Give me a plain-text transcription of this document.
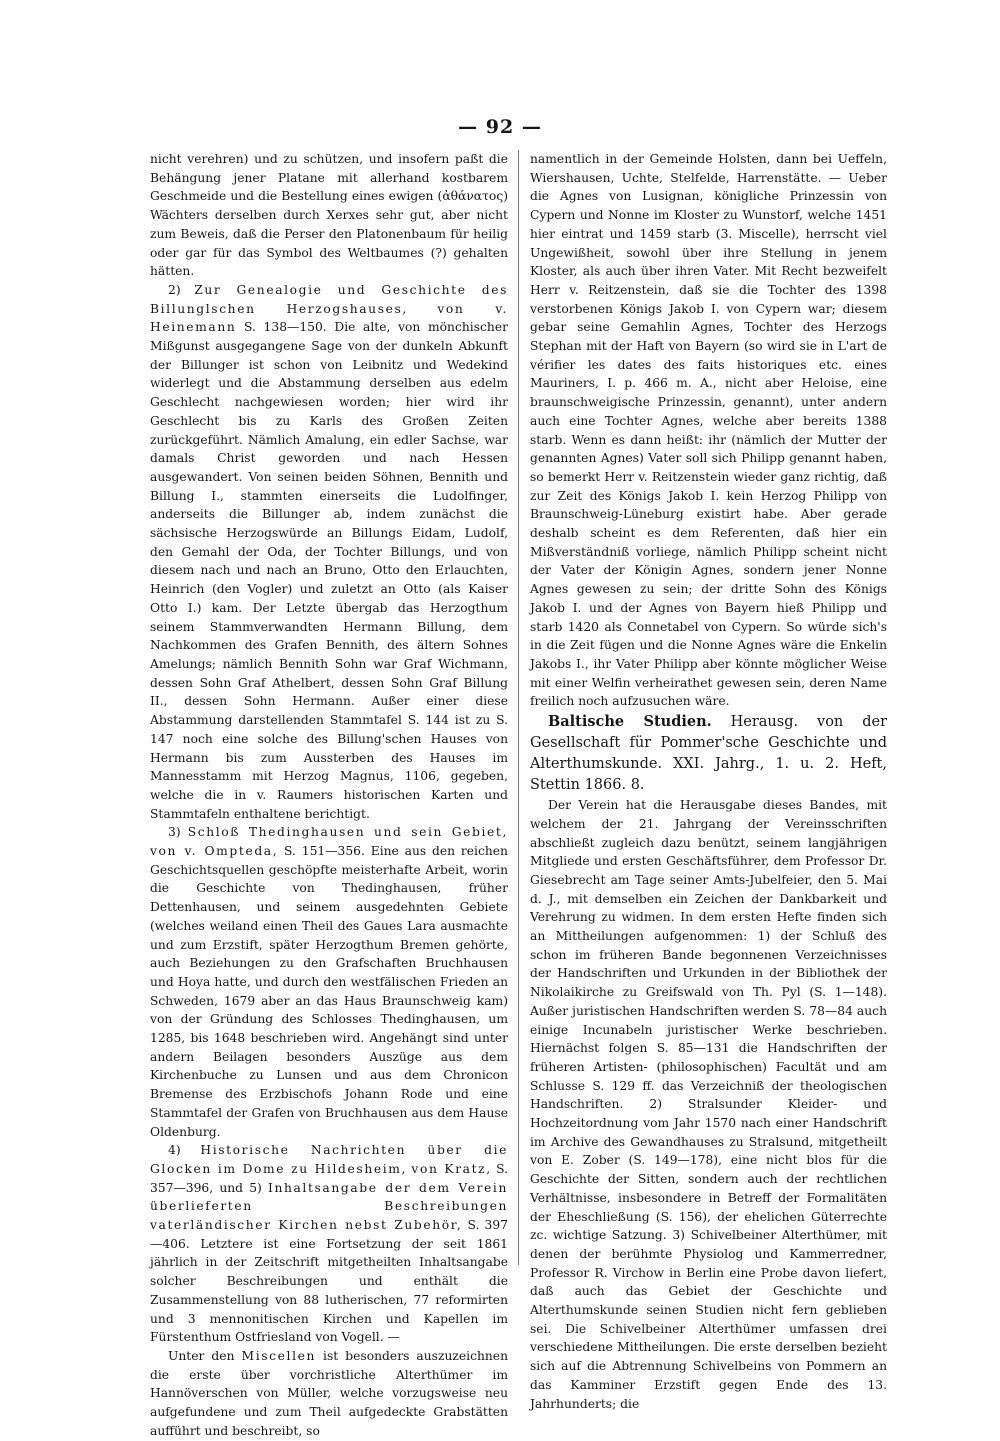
— 92 —

nicht verehren) und zu schützen, und insofern paßt die Behängung jener Platane mit allerhand kostbarem Geschmeide und die Bestellung eines ewigen (ἀθάνατος) Wächters derselben durch Xerxes sehr gut, aber nicht zum Beweis, daß die Perser den Platonenbaum für heilig oder gar für das Symbol des Weltbaumes (?) gehalten hätten.

2) Zur Genealogie und Geschichte des Billunglschen Herzogshauses, von v. Heinemann S. 138—150. Die alte, von mönchischer Mißgunst ausgegangene Sage von der dunkeln Abkunft der Billunger ist schon von Leibnitz und Wedekind widerlegt und die Abstammung derselben aus edelm Geschlecht nachgewiesen worden; hier wird ihr Geschlecht bis zu Karls des Großen Zeiten zurückgeführt. Nämlich Amalung, ein edler Sachse, war damals Christ geworden und nach Hessen ausgewandert. Von seinen beiden Söhnen, Bennith und Billung I., stammten einerseits die Ludolfinger, anderseits die Billunger ab, indem zunächst die sächsische Herzogswürde an Billungs Eidam, Ludolf, den Gemahl der Oda, der Tochter Billungs, und von diesem nach und nach an Bruno, Otto den Erlauchten, Heinrich (den Vogler) und zuletzt an Otto (als Kaiser Otto I.) kam. Der Letzte übergab das Herzogthum seinem Stammverwandten Hermann Billung, dem Nachkommen des Grafen Bennith, des ältern Sohnes Amelungs; nämlich Bennith Sohn war Graf Wichmann, dessen Sohn Graf Athelbert, dessen Sohn Graf Billung II., dessen Sohn Hermann. Außer einer diese Abstammung darstellenden Stammtafel S. 144 ist zu S. 147 noch eine solche des Billung'schen Hauses von Hermann bis zum Aussterben des Hauses im Mannesstamm mit Herzog Magnus, 1106, gegeben, welche die in v. Raumers historischen Karten und Stammtafeln enthaltene berichtigt.

3) Schloß Thedinghausen und sein Gebiet, von v. Ompteda, S. 151—356. Eine aus den reichen Geschichtsquellen geschöpfte meisterhafte Arbeit, worin die Geschichte von Thedinghausen, früher Dettenhausen, und seinem ausgedehnten Gebiete (welches weiland einen Theil des Gaues Lara ausmachte und zum Erzstift, später Herzogthum Bremen gehörte, auch Beziehungen zu den Grafschaften Bruchhausen und Hoya hatte, und durch den westfälischen Frieden an Schweden, 1679 aber an das Haus Braunschweig kam) von der Gründung des Schlosses Thedinghausen, um 1285, bis 1648 beschrieben wird. Angehängt sind unter andern Beilagen besonders Auszüge aus dem Kirchenbuche zu Lunsen und aus dem Chronicon Bremense des Erzbischofs Johann Rode und eine Stammtafel der Grafen von Bruchhausen aus dem Hause Oldenburg.

4) Historische Nachrichten über die Glocken im Dome zu Hildesheim, von Kratz, S. 357—396, und 5) Inhaltsangabe der dem Verein überlieferten Beschreibungen vaterländischer Kirchen nebst Zubehör, S. 397—406. Letztere ist eine Fortsetzung der seit 1861 jährlich in der Zeitschrift mitgetheilten Inhaltsangabe solcher Beschreibungen und enthält die Zusammenstellung von 88 lutherischen, 77 reformirten und 3 mennonitischen Kirchen und Kapellen im Fürstenthum Ostfriesland von Vogell. —

Unter den Miscellen ist besonders auszuzeichnen die erste über vorchristliche Alterthümer im Hannöverschen von Müller, welche vorzugsweise neu aufgefundene und zum Theil aufgedeckte Grabstätten aufführt und beschreibt, so

namentlich in der Gemeinde Holsten, dann bei Ueffeln, Wiershausen, Uchte, Stelfelde, Harrenstätte. — Ueber die Agnes von Lusignan, königliche Prinzessin von Cypern und Nonne im Kloster zu Wunstorf, welche 1451 hier eintrat und 1459 starb (3. Miscelle), herrscht viel Ungewißheit, sowohl über ihre Stellung in jenem Kloster, als auch über ihren Vater. Mit Recht bezweifelt Herr v. Reitzenstein, daß sie die Tochter des 1398 verstorbenen Königs Jakob I. von Cypern war; diesem gebar seine Gemahlin Agnes, Tochter des Herzogs Stephan mit der Haft von Bayern (so wird sie in L'art de vérifier les dates des faits historiques etc. eines Mauriners, I. p. 466 m. A., nicht aber Heloise, eine braunschweigische Prinzessin, genannt), unter andern auch eine Tochter Agnes, welche aber bereits 1388 starb. Wenn es dann heißt: ihr (nämlich der Mutter der genannten Agnes) Vater soll sich Philipp genannt haben, so bemerkt Herr v. Reitzenstein wieder ganz richtig, daß zur Zeit des Königs Jakob I. kein Herzog Philipp von Braunschweig-Lüneburg existirt habe. Aber gerade deshalb scheint es dem Referenten, daß hier ein Mißverständniß vorliege, nämlich Philipp scheint nicht der Vater der Königin Agnes, sondern jener Nonne Agnes gewesen zu sein; der dritte Sohn des Königs Jakob I. und der Agnes von Bayern hieß Philipp und starb 1420 als Connetabel von Cypern. So würde sich's in die Zeit fügen und die Nonne Agnes wäre die Enkelin Jakobs I., ihr Vater Philipp aber könnte möglicher Weise mit einer Welfin verheirathet gewesen sein, deren Name freilich noch aufzusuchen wäre.

Baltische Studien. Herausg. von der Gesellschaft für Pommer'sche Geschichte und Alterthumskunde. XXI. Jahrg., 1. u. 2. Heft, Stettin 1866. 8.

Der Verein hat die Herausgabe dieses Bandes, mit welchem der 21. Jahrgang der Vereinsschriften abschließt zugleich dazu benützt, seinem langjährigen Mitgliede und ersten Geschäftsführer, dem Professor Dr. Giesebrecht am Tage seiner Amts-Jubelfeier, den 5. Mai d. J., mit demselben ein Zeichen der Dankbarkeit und Verehrung zu widmen. In dem ersten Hefte finden sich an Mittheilungen aufgenommen: 1) der Schluß des schon im früheren Bande begonnenen Verzeichnisses der Handschriften und Urkunden in der Bibliothek der Nikolaikirche zu Greifswald von Th. Pyl (S. 1—148). Außer juristischen Handschriften werden S. 78—84 auch einige Incunabeln juristischer Werke beschrieben. Hiernächst folgen S. 85—131 die Handschriften der früheren Artisten- (philosophischen) Facultät und am Schlusse S. 129 ff. das Verzeichniß der theologischen Handschriften. 2) Stralsunder Kleider- und Hochzeitordnung vom Jahr 1570 nach einer Handschrift im Archive des Gewandhauses zu Stralsund, mitgetheilt von E. Zober (S. 149—178), eine nicht blos für die Geschichte der Sitten, sondern auch der rechtlichen Verhältnisse, insbesondere in Betreff der Formalitäten der Eheschließung (S. 156), der ehelichen Güterrechte zc. wichtige Satzung. 3) Schivelbeiner Alterthümer, mit denen der berühmte Physiolog und Kammerredner, Professor R. Virchow in Berlin eine Probe davon liefert, daß auch das Gebiet der Geschichte und Alterthumskunde seinen Studien nicht fern geblieben sei. Die Schivelbeiner Alterthümer umfassen drei verschiedene Mittheilungen. Die erste derselben bezieht sich auf die Abtrennung Schivelbeins von Pommern an das Kamminer Erzstift gegen Ende des 13. Jahrhunderts; die
